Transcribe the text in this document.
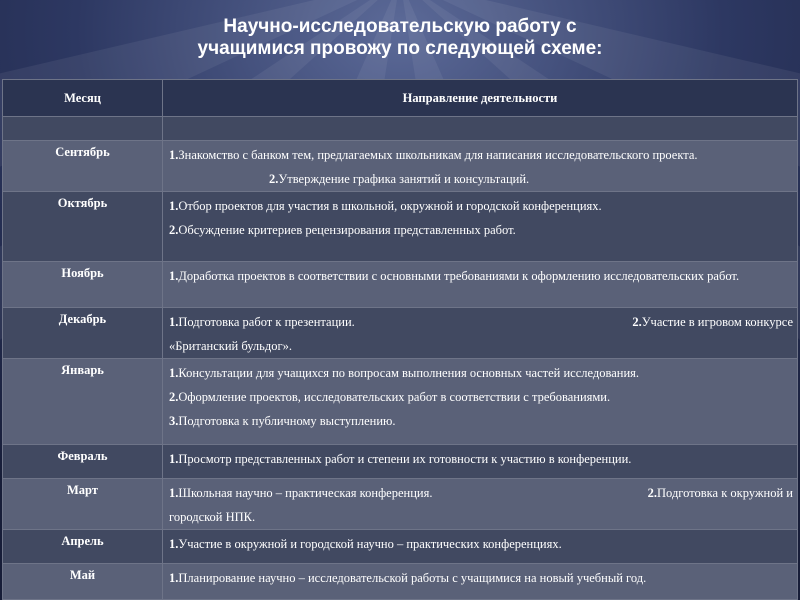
Научно-исследовательскую работу с
учащимися провожу по следующей схеме:
Месяц	Направление деятельности

Сентябрь	1.Знакомство с банком тем, предлагаемых школьникам для написания исследовательского проекта. 2.Утверждение графика занятий и консультаций.
Октябрь	1.Отбор проектов для участия в школьной, окружной и городской конференциях.
2.Обсуждение критериев рецензирования представленных работ.

Ноябрь	1.Доработка проектов в соответствии с основными требованиями к оформлению исследовательских работ.
Декабрь	1.Подготовка работ к презентации. 2.Участие в игровом конкурсе
«Британский бульдог».

Январь	1.Консультации для учащихся по вопросам выполнения основных частей исследования.
2.Оформление проектов, исследовательских работ в соответствии с требованиями.
3.Подготовка к публичному выступлению.

Февраль	1.Просмотр представленных работ и степени их готовности к участию в конференции.
Март	1.Школьная научно – практическая конференция. 2.Подготовка к окружной и
городской НПК.

Апрель	1.Участие в окружной и городской научно – практических конференциях.
Май	1.Планирование научно – исследовательской работы с учащимися на новый учебный год.
